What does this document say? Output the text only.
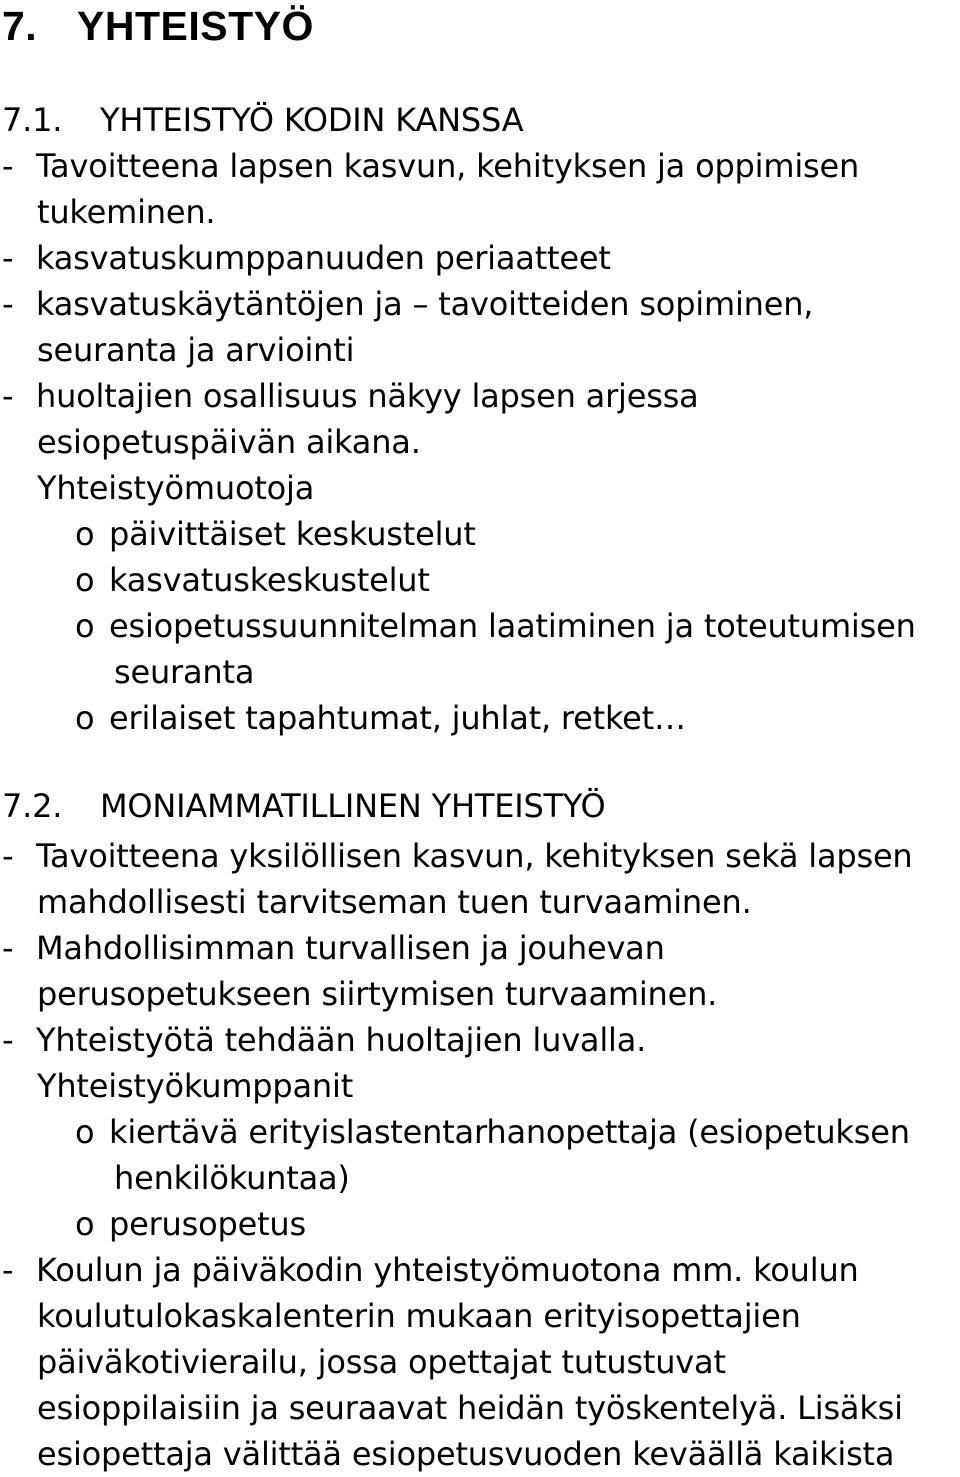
7. YHTEISTYÖ
7.1. YHTEISTYÖ KODIN KANSSA
- Tavoitteena lapsen kasvun, kehityksen ja oppimisen
tukeminen.
- kasvatuskumppanuuden periaatteet
- kasvatuskäytäntöjen ja – tavoitteiden sopiminen,
seuranta ja arviointi
- huoltajien osallisuus näkyy lapsen arjessa
esiopetuspäivän aikana.
Yhteistyömuotoja
o päivittäiset keskustelut
o kasvatuskeskustelut
o esiopetussuunnitelman laatiminen ja toteutumisen
seuranta
o erilaiset tapahtumat, juhlat, retket…
7.2. MONIAMMATILLINEN YHTEISTYÖ
- Tavoitteena yksilöllisen kasvun, kehityksen sekä lapsen
mahdollisesti tarvitseman tuen turvaaminen.
- Mahdollisimman turvallisen ja jouhevan
perusopetukseen siirtymisen turvaaminen.
- Yhteistyötä tehdään huoltajien luvalla.
Yhteistyökumppanit
o kiertävä erityislastentarhanopettaja (esiopetuksen
henkilökuntaa)
o perusopetus
- Koulun ja päiväkodin yhteistyömuotona mm. koulun
koulutulokaskalenterin mukaan erityisopettajien
päiväkotivierailu, jossa opettajat tutustuvat
esioppilaisiin ja seuraavat heidän työskentelyä. Lisäksi
esiopettaja välittää esiopetusvuoden keväällä kaikista
